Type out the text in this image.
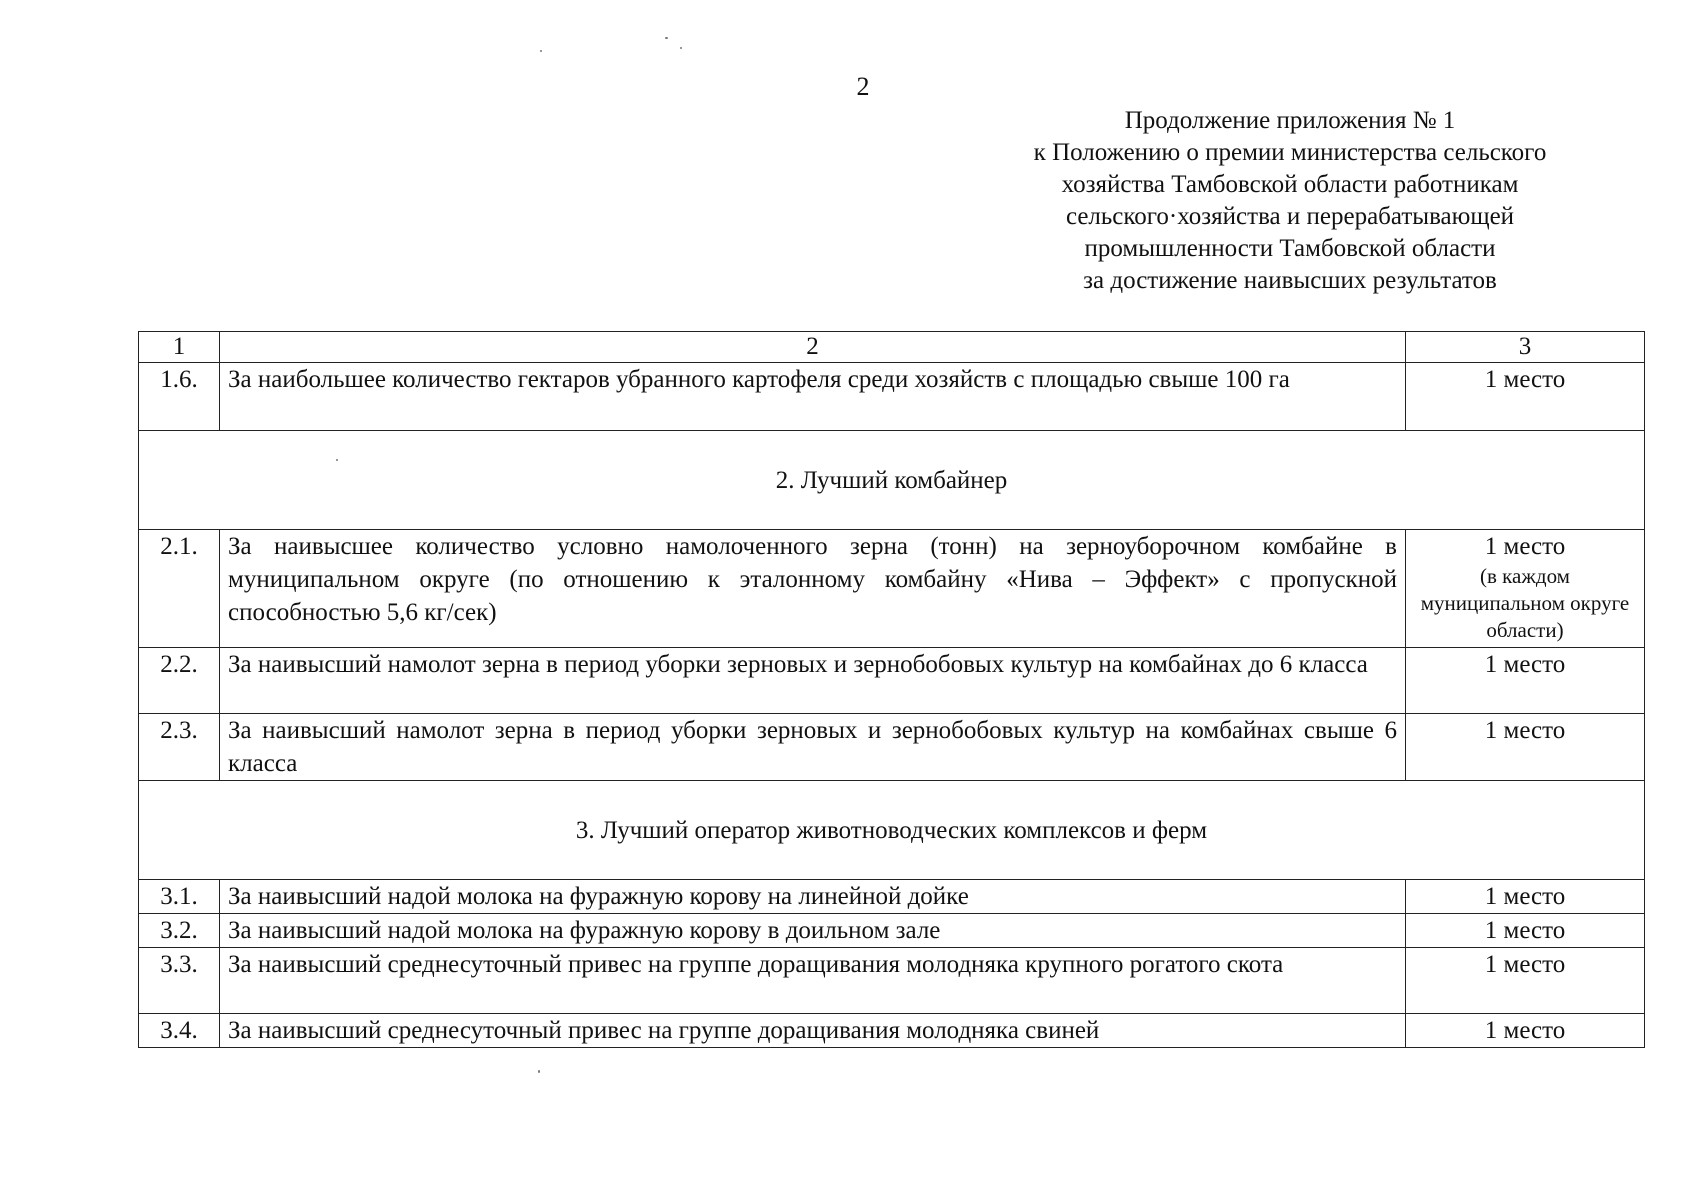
2
Продолжение приложения № 1
к Положению о премии министерства сельского
хозяйства Тамбовской области работникам
сельского·хозяйства и перерабатывающей
промышленности Тамбовской области
за достижение наивысших результатов
1	2	3
1.6.	За наибольшее количество гектаров убранного картофеля среди хозяйств с площадью свыше 100 га	1 место
2. Лучший комбайнер		
2.1.	За наивысшее количество условно намолоченного зерна (тонн) на зерноуборочном комбайне в муниципальном округе (по отношению к эталонному комбайну «Нива – Эффект» с пропускной способностью 5,6 кг/сек)	1 место
(в каждом муниципальном округе области)

2.2.	За наивысший намолот зерна в период уборки зерновых и зернобобовых культур на комбайнах до 6 класса	1 место
2.3.	За наивысший намолот зерна в период уборки зерновых и зернобобовых культур на комбайнах свыше 6 класса	1 место
3. Лучший оператор животноводческих комплексов и ферм		
3.1.	За наивысший надой молока на фуражную корову на линейной дойке	1 место
3.2.	За наивысший надой молока на фуражную корову в доильном зале	1 место
3.3.	За наивысший среднесуточный привес на группе доращивания молодняка крупного рогатого скота	1 место
3.4.	За наивысший среднесуточный привес на группе доращивания молодняка свиней	1 место
